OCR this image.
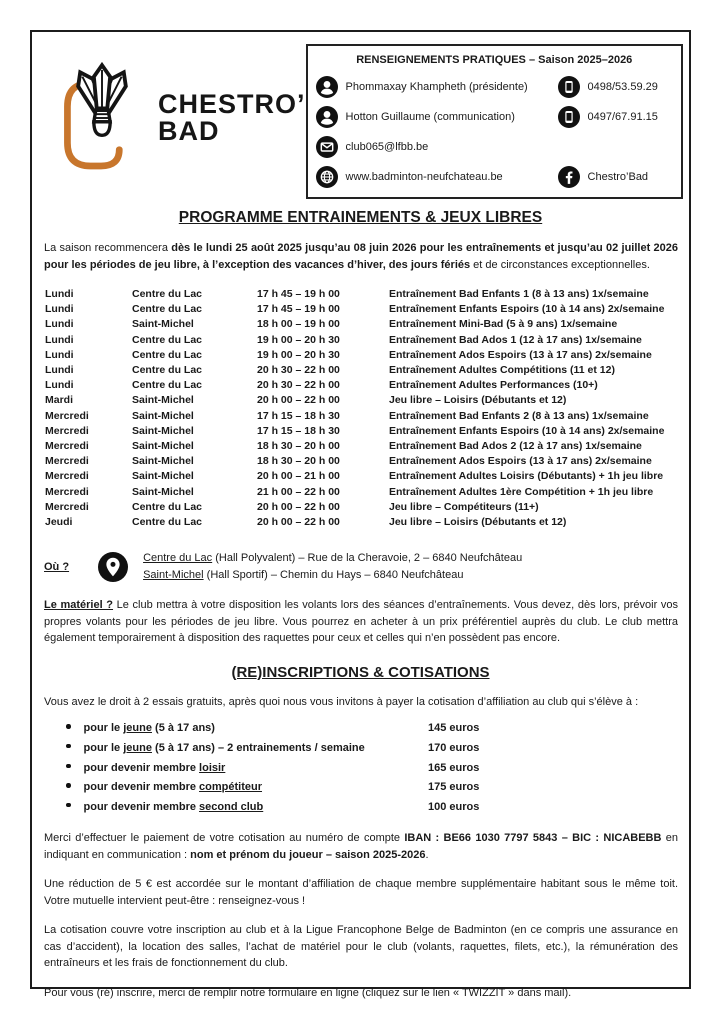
CHESTRO’
BAD
RENSEIGNEMENTS PRATIQUES – Saison 2025–2026
Phommaxay Khampheth (présidente)	0498/53.59.29
Hotton Guillaume (communication)	0497/67.91.15
club065@lfbb.be
www.badminton-neufchateau.be	Chestro’Bad
PROGRAMME ENTRAINEMENTS & JEUX LIBRES
La saison recommencera dès le lundi 25 août 2025 jusqu’au 08 juin 2026 pour les entraînements et jusqu’au 02 juillet 2026 pour les périodes de jeu libre, à l’exception des vacances d’hiver, des jours fériés et de circonstances exceptionnelles.
Lundi	Centre du Lac	17 h 45 – 19 h 00	Entraînement Bad Enfants 1 (8 à 13 ans) 1x/semaine
Lundi	Centre du Lac	17 h 45 – 19 h 00	Entraînement Enfants Espoirs (10 à 14 ans) 2x/semaine
Lundi	Saint-Michel	18 h 00 – 19 h 00	Entraînement Mini-Bad (5 à 9 ans) 1x/semaine
Lundi	Centre du Lac	19 h 00 – 20 h 30	Entraînement Bad Ados 1 (12 à 17 ans) 1x/semaine
Lundi	Centre du Lac	19 h 00 – 20 h 30	Entraînement Ados Espoirs (13 à 17 ans) 2x/semaine
Lundi	Centre du Lac	20 h 30 – 22 h 00	Entraînement Adultes Compétitions (11 et 12)
Lundi	Centre du Lac	20 h 30 – 22 h 00	Entraînement Adultes Performances (10+)
Mardi	Saint-Michel	20 h 00 – 22 h 00	Jeu libre – Loisirs (Débutants et 12)
Mercredi	Saint-Michel	17 h 15 – 18 h 30	Entraînement Bad Enfants 2 (8 à 13 ans) 1x/semaine
Mercredi	Saint-Michel	17 h 15 – 18 h 30	Entraînement Enfants Espoirs (10 à 14 ans) 2x/semaine
Mercredi	Saint-Michel	18 h 30 – 20 h 00	Entraînement Bad Ados 2 (12 à 17 ans) 1x/semaine
Mercredi	Saint-Michel	18 h 30 – 20 h 00	Entraînement Ados Espoirs (13 à 17 ans) 2x/semaine
Mercredi	Saint-Michel	20 h 00 – 21 h 00	Entraînement Adultes Loisirs (Débutants) + 1h jeu libre
Mercredi	Saint-Michel	21 h 00 – 22 h 00	Entraînement Adultes 1ère Compétition + 1h jeu libre
Mercredi	Centre du Lac	20 h 00 – 22 h 00	Jeu libre – Compétiteurs (11+)
Jeudi	Centre du Lac	20 h 00 – 22 h 00	Jeu libre – Loisirs (Débutants et 12)
Où ?
Centre du Lac (Hall Polyvalent) – Rue de la Cheravoie, 2 – 6840 Neufchâteau
Saint-Michel (Hall Sportif) – Chemin du Hays – 6840 Neufchâteau
Le matériel ? Le club mettra à votre disposition les volants lors des séances d’entraînements. Vous devez, dès lors, prévoir vos propres volants pour les périodes de jeu libre. Vous pourrez en acheter à un prix préférentiel auprès du club. Le club mettra également temporairement à disposition des raquettes pour ceux et celles qui n’en possèdent pas encore.
(RE)INSCRIPTIONS & COTISATIONS
Vous avez le droit à 2 essais gratuits, après quoi nous vous invitons à payer la cotisation d’affiliation au club qui s’élève à :
pour le jeune (5 à 17 ans)	145 euros
pour le jeune (5 à 17 ans) – 2 entrainements / semaine	170 euros
pour devenir membre loisir	165 euros
pour devenir membre compétiteur	175 euros
pour devenir membre second club	100 euros
Merci d’effectuer le paiement de votre cotisation au numéro de compte IBAN : BE66 1030 7797 5843 – BIC : NICABEBB en indiquant en communication : nom et prénom du joueur – saison 2025-2026.
Une réduction de 5 € est accordée sur le montant d’affiliation de chaque membre supplémentaire habitant sous le même toit. Votre mutuelle intervient peut-être : renseignez-vous !
La cotisation couvre votre inscription au club et à la Ligue Francophone Belge de Badminton (en ce compris une assurance en cas d’accident), la location des salles, l’achat de matériel pour le club (volants, raquettes, filets, etc.), la rémunération des entraîneurs et les frais de fonctionnement du club.
Pour vous (ré) inscrire, merci de remplir notre formulaire en ligne (cliquez sur le lien « TWIZZIT » dans mail).
